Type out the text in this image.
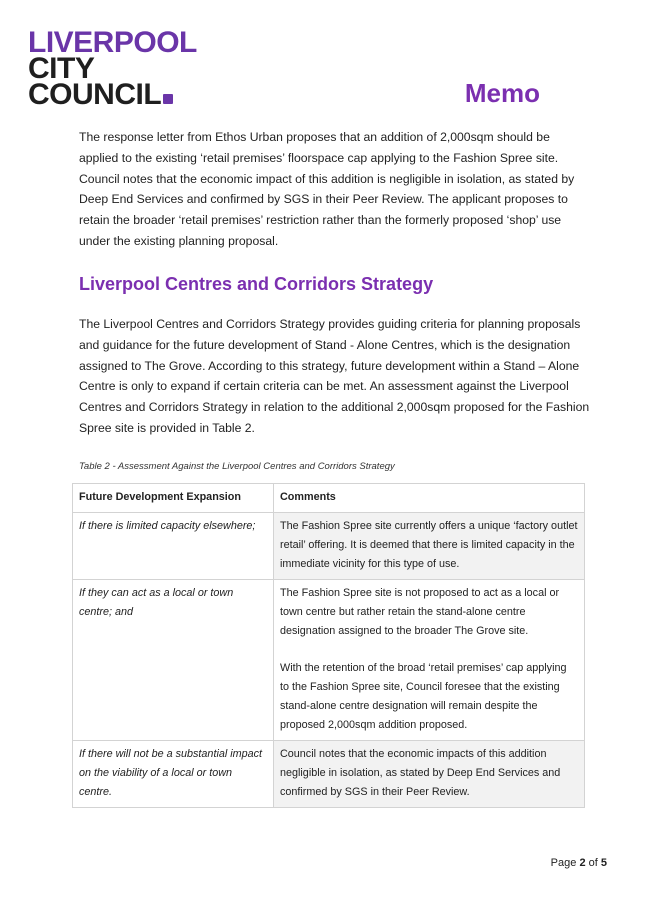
LIVERPOOL
CITY
COUNCIL	Memo

The response letter from Ethos Urban proposes that an addition of 2,000sqm should be applied to the existing ‘retail premises’ floorspace cap applying to the Fashion Spree site. Council notes that the economic impact of this addition is negligible in isolation, as stated by Deep End Services and confirmed by SGS in their Peer Review. The applicant proposes to retain the broader ‘retail premises’ restriction rather than the formerly proposed ‘shop’ use under the existing planning proposal.

Liverpool Centres and Corridors Strategy

The Liverpool Centres and Corridors Strategy provides guiding criteria for planning proposals and guidance for the future development of Stand - Alone Centres, which is the designation assigned to The Grove. According to this strategy, future development within a Stand – Alone Centre is only to expand if certain criteria can be met. An assessment against the Liverpool Centres and Corridors Strategy in relation to the additional 2,000sqm proposed for the Fashion Spree site is provided in Table 2.

Table 2 - Assessment Against the Liverpool Centres and Corridors Strategy

Future Development Expansion	Comments
If there is limited capacity elsewhere;	The Fashion Spree site currently offers a unique ‘factory outlet retail’ offering. It is deemed that there is limited capacity in the immediate vicinity for this type of use.
If they can act as a local or town centre; and	The Fashion Spree site is not proposed to act as a local or town centre but rather retain the stand-alone centre designation assigned to the broader The Grove site.
With the retention of the broad ‘retail premises’ cap applying to the Fashion Spree site, Council foresee that the existing stand-alone centre designation will remain despite the proposed 2,000sqm addition proposed.
If there will not be a substantial impact on the viability of a local or town centre.	Council notes that the economic impacts of this addition negligible in isolation, as stated by Deep End Services and confirmed by SGS in their Peer Review.
Page 2 of 5
